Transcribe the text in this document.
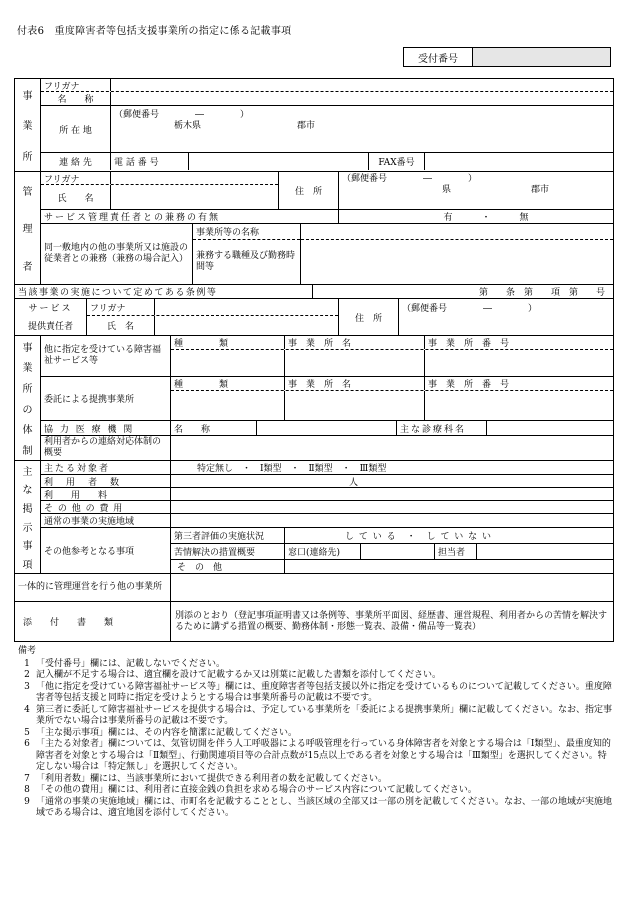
付表6　重度障害者等包括支援事業所の指定に係る記載事項
受付番号
事
業
所
フリガナ
名　　称
所 在 地
（郵便番号　　　　―　　　　）
栃木県	郡市
連 絡 先	電 話 番 号	FAX番号
管
理
者
フリガナ
氏　　名
住　所
（郵便番号　　　　―　　　　）
県	郡市
サービス管理責任者との兼務の有無	有	・	無
同一敷地内の他の事業所又は施設の従業者との兼務（兼務の場合記入）
事業所等の名称
兼務する職種及び勤務時間等
当該事業の実施について定めてある条例等	第　　条　第　　項　第　　号
サービス
提供責任者
フリガナ
氏　名
住　所
（郵便番号　　　　―　　　　）
事
業
所
の
体
制
他に指定を受けている障害福祉サービス等
種　　　　類	事　業　所　名	事　業　所　番　号
委託による提携事業所
種　　　　類	事　業　所　名	事　業　所　番　号
協 力 医 療 機 関	名　　称	主な診療科名
利用者からの連絡対応体制の概要
主
な
掲
示
事
項
主たる対象者	特定無し　・　Ⅰ類型　・　Ⅱ類型　・　Ⅲ類型
利　用　者　数	人
利　　用　　料
そ の 他 の 費 用
通常の事業の実施地域
その他参考となる事項
第三者評価の実施状況	し て い る　・　し て い な い
苦情解決の措置概要	窓口(連絡先)	担当者
そ　の　他
一体的に管理運営を行う他の事業所
添　　付　　書　　類
別添のとおり（登記事項証明書又は条例等、事業所平面図、経歴書、運営規程、利用者からの苦情を解決するために講ずる措置の概要、勤務体制・形態一覧表、設備・備品等一覧表）
備考
1 「受付番号」欄には、記載しないでください。
2 記入欄が不足する場合は、適宜欄を設けて記載するか又は別葉に記載した書類を添付してください。
3 「他に指定を受けている障害福祉サービス等」欄には、重度障害者等包括支援以外に指定を受けているものについて記載してください。重度障害者等包括支援と同時に指定を受けようとする場合は事業所番号の記載は不要です。
4 第三者に委託して障害福祉サービスを提供する場合は、予定している事業所を「委託による提携事業所」欄に記載してください。なお、指定事業所でない場合は事業所番号の記載は不要です。
5 「主な掲示事項」欄には、その内容を簡潔に記載してください。
6 「主たる対象者」欄については、気管切開を伴う人工呼吸器による呼吸管理を行っている身体障害者を対象とする場合は「Ⅰ類型」、最重度知的障害者を対象とする場合は「Ⅱ類型」、行動関連項目等の合計点数が15点以上である者を対象とする場合は「Ⅲ類型」を選択してください。特定しない場合は「特定無し」を選択してください。
7 「利用者数」欄には、当該事業所において提供できる利用者の数を記載してください。
8 「その他の費用」欄には、利用者に直接金銭の負担を求める場合のサービス内容について記載してください。
9 「通常の事業の実施地域」欄には、市町名を記載することとし、当該区域の全部又は一部の別を記載してください。なお、一部の地域が実施地域である場合は、適宜地図を添付してください。
